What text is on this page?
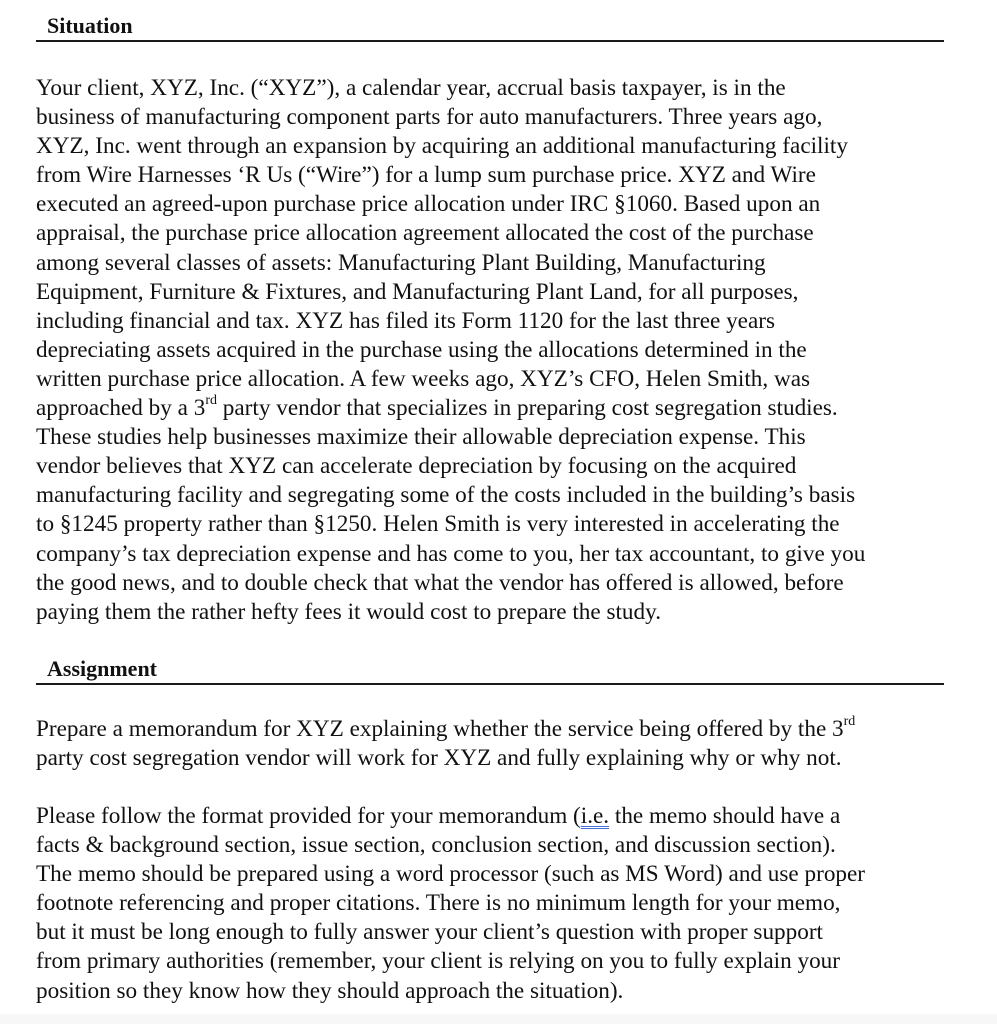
Situation

Your client, XYZ, Inc. (“XYZ”), a calendar year, accrual basis taxpayer, is in the
business of manufacturing component parts for auto manufacturers. Three years ago,
XYZ, Inc. went through an expansion by acquiring an additional manufacturing facility
from Wire Harnesses ‘R Us (“Wire”) for a lump sum purchase price. XYZ and Wire
executed an agreed-upon purchase price allocation under IRC §1060. Based upon an
appraisal, the purchase price allocation agreement allocated the cost of the purchase
among several classes of assets: Manufacturing Plant Building, Manufacturing
Equipment, Furniture & Fixtures, and Manufacturing Plant Land, for all purposes,
including financial and tax. XYZ has filed its Form 1120 for the last three years
depreciating assets acquired in the purchase using the allocations determined in the
written purchase price allocation. A few weeks ago, XYZ’s CFO, Helen Smith, was
approached by a 3rd party vendor that specializes in preparing cost segregation studies.
These studies help businesses maximize their allowable depreciation expense. This
vendor believes that XYZ can accelerate depreciation by focusing on the acquired
manufacturing facility and segregating some of the costs included in the building’s basis
to §1245 property rather than §1250. Helen Smith is very interested in accelerating the
company’s tax depreciation expense and has come to you, her tax accountant, to give you
the good news, and to double check that what the vendor has offered is allowed, before
paying them the rather hefty fees it would cost to prepare the study.

Assignment

Prepare a memorandum for XYZ explaining whether the service being offered by the 3rd
party cost segregation vendor will work for XYZ and fully explaining why or why not.

Please follow the format provided for your memorandum (i.e. the memo should have a
facts & background section, issue section, conclusion section, and discussion section).
The memo should be prepared using a word processor (such as MS Word) and use proper
footnote referencing and proper citations. There is no minimum length for your memo,
but it must be long enough to fully answer your client’s question with proper support
from primary authorities (remember, your client is relying on you to fully explain your
position so they know how they should approach the situation).
